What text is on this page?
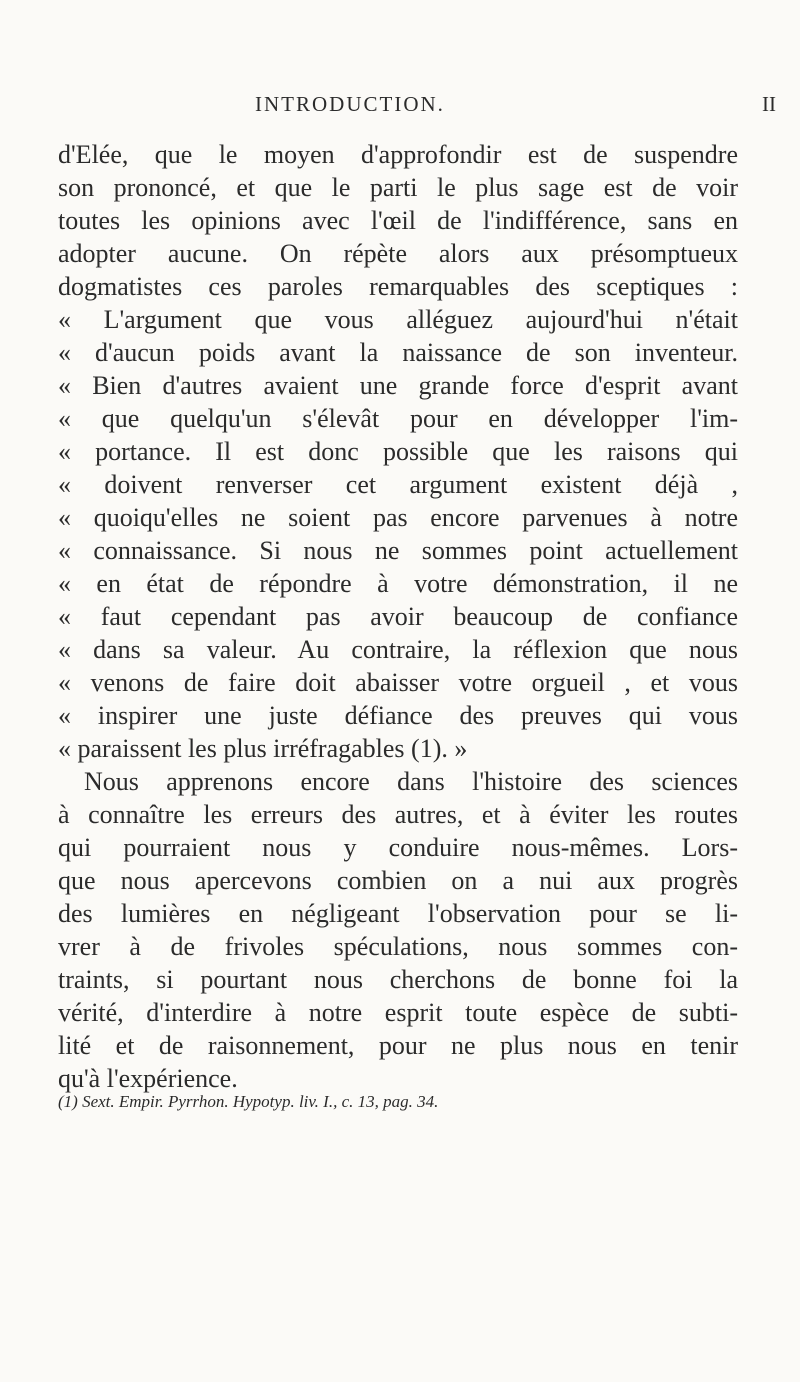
INTRODUCTION.	II
d'Elée, que le moyen d'approfondir est de suspendre
son prononcé, et que le parti le plus sage est de voir
toutes les opinions avec l'œil de l'indifférence, sans en
adopter aucune. On répète alors aux présomptueux
dogmatistes ces paroles remarquables des sceptiques :
« L'argument que vous alléguez aujourd'hui n'était
« d'aucun poids avant la naissance de son inventeur.
« Bien d'autres avaient une grande force d'esprit avant
« que quelqu'un s'élevât pour en développer l'im-
« portance. Il est donc possible que les raisons qui
« doivent renverser cet argument existent déjà ,
« quoiqu'elles ne soient pas encore parvenues à notre
« connaissance. Si nous ne sommes point actuellement
« en état de répondre à votre démonstration, il ne
« faut cependant pas avoir beaucoup de confiance
« dans sa valeur. Au contraire, la réflexion que nous
« venons de faire doit abaisser votre orgueil , et vous
« inspirer une juste défiance des preuves qui vous
« paraissent les plus irréfragables (1). »
Nous apprenons encore dans l'histoire des sciences
à connaître les erreurs des autres, et à éviter les routes
qui pourraient nous y conduire nous-mêmes. Lors-
que nous apercevons combien on a nui aux progrès
des lumières en négligeant l'observation pour se li-
vrer à de frivoles spéculations, nous sommes con-
traints, si pourtant nous cherchons de bonne foi la
vérité, d'interdire à notre esprit toute espèce de subti-
lité et de raisonnement, pour ne plus nous en tenir
qu'à l'expérience.
(1) Sext. Empir. Pyrrhon. Hypotyp. liv. I., c. 13, pag. 34.
